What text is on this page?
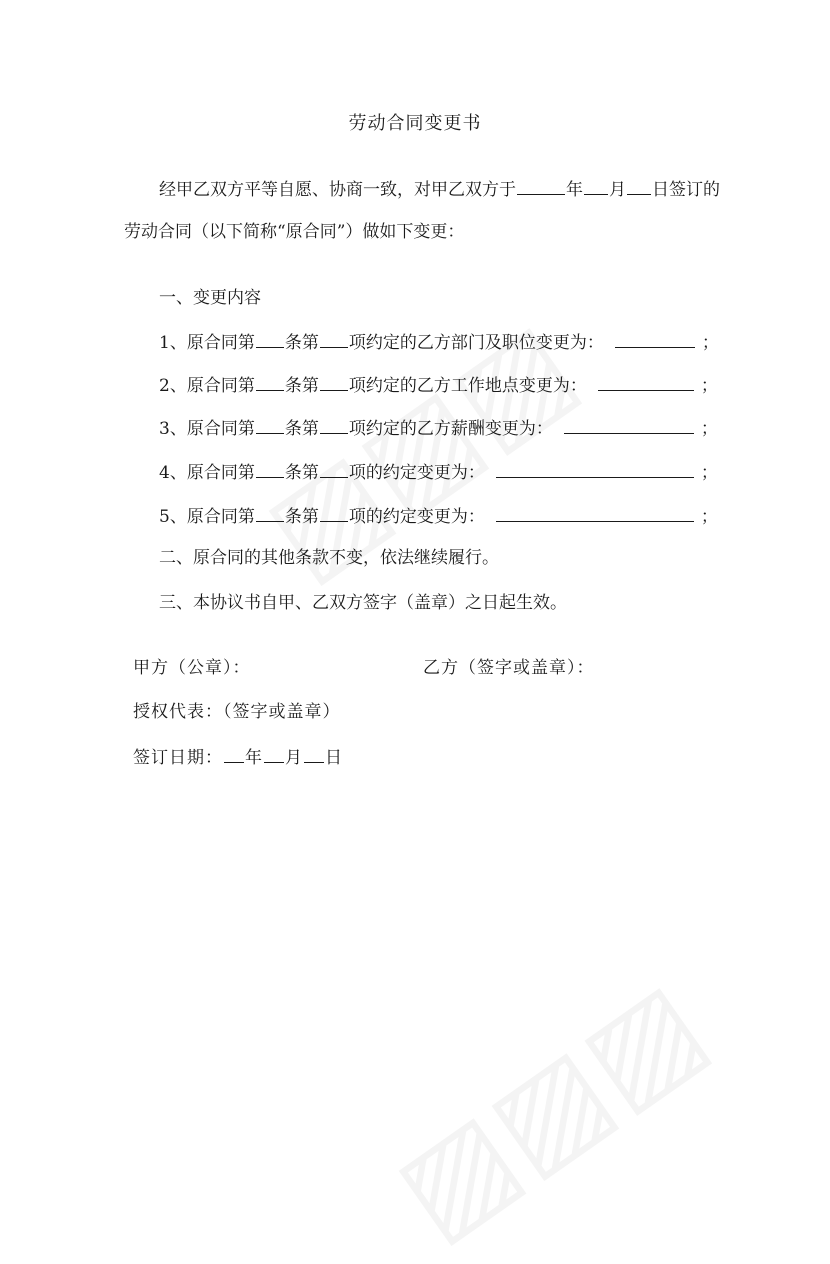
劳动合同变更书
经甲乙双方平等自愿、协商一致，对甲乙双方于	年 月 日签订的
劳动合同（以下简称“原合同”）做如下变更：
一、变更内容
1、原合同第 条第 项约定的乙方部门及职位变更为：	；
2、原合同第 条第 项约定的乙方工作地点变更为：	；
3、原合同第 条第 项约定的乙方薪酬变更为：	；
4、原合同第 条第 项的约定变更为：	；
5、原合同第 条第 项的约定变更为：	；
二、原合同的其他条款不变，依法继续履行。
三、本协议书自甲、乙双方签字（盖章）之日起生效。
甲方（公章）：	乙方（签字或盖章）：
授权代表：（签字或盖章）
签订日期： 年 月 日
